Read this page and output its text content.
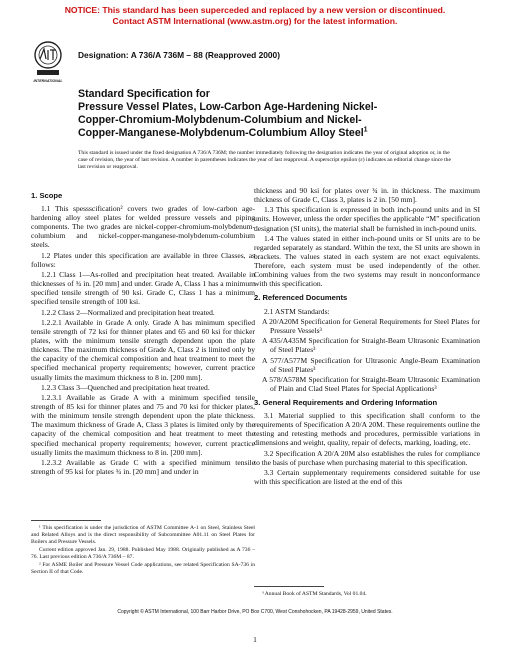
NOTICE: This standard has been superceded and replaced by a new version or discontinued.
Contact ASTM International (www.astm.org) for the latest information.
INTERNATIONAL
Designation: A 736/A 736M – 88 (Reapproved 2000)
Standard Specification for
Pressure Vessel Plates, Low-Carbon Age-Hardening Nickel-
Copper-Chromium-Molybdenum-Columbium and Nickel-
Copper-Manganese-Molybdenum-Columbium Alloy Steel$^1$
This standard is issued under the fixed designation A 736/A 736M; the number immediately following the designation indicates the year of original adoption or, in the case of revision, the year of last revision. A number in parentheses indicates the year of last reapproval. A superscript epsilon (ε) indicates an editorial change since the last revision or reapproval.

1. Scope

1.1 This spessscification² covers two grades of low-carbon age-hardening alloy steel plates for welded pressure vessels and piping components. The two grades are nickel-copper-chromium-molybdenum-columbium and nickel-copper-manganese-molybdenum-columbium steels.

1.2 Plates under this specification are available in three Classes, as follows:

1.2.1 Class 1—As-rolled and precipitation heat treated. Available in thicknesses of ¾ in. [20 mm] and under. Grade A, Class 1 has a minimum specified tensile strength of 90 ksi. Grade C, Class 1 has a minimum specified tensile strength of 100 ksi.

1.2.2 Class 2—Normalized and precipitation heat treated.

1.2.2.1 Available in Grade A only. Grade A has minimum specified tensile strength of 72 ksi for thinner plates and 65 and 60 ksi for thicker plates, with the minimum tensile strength dependent upon the plate thickness. The maximum thickness of Grade A, Class 2 is limited only by the capacity of the chemical composition and heat treatment to meet the specified mechanical property requirements; however, current practice usually limits the maximum thickness to 8 in. [200 mm].

1.2.3 Class 3—Quenched and precipitation heat treated.

1.2.3.1 Available as Grade A with a minimum specified tensile strength of 85 ksi for thinner plates and 75 and 70 ksi for thicker plates, with the minimum tensile strength dependent upon the plate thickness. The maximum thickness of Grade A, Class 3 plates is limited only by the capacity of the chemical composition and heat treatment to meet the specified mechanical property requirements; however, current practice usually limits the maximum thickness to 8 in. [200 mm].

1.2.3.2 Available as Grade C with a specified minimum tensile strength of 95 ksi for plates ¾ in. [20 mm] and under in

thickness and 90 ksi for plates over ¾ in. in thickness. The maximum thickness of Grade C, Class 3, plates is 2 in. [50 mm].

1.3 This specification is expressed in both inch-pound units and in SI units. However, unless the order specifies the applicable “M” specification designation (SI units), the material shall be furnished in inch-pound units.

1.4 The values stated in either inch-pound units or SI units are to be regarded separately as standard. Within the text, the SI units are shown in brackets. The values stated in each system are not exact equivalents. Therefore, each system must be used independently of the other. Combining values from the two systems may result in nonconformance with this specification.

2. Referenced Documents

2.1 ASTM Standards:

A 20/A20M Specification for General Requirements for Steel Plates for Pressure Vessels³

A 435/A435M Specification for Straight-Beam Ultrasonic Examination of Steel Plates³

A 577/A577M Specification for Ultrasonic Angle-Beam Examination of Steel Plates³

A 578/A578M Specification for Straight-Beam Ultrasonic Examination of Plain and Clad Steel Plates for Special Applications³

3. General Requirements and Ordering Information

3.1 Material supplied to this specification shall conform to the requirements of Specification A 20/A 20M. These requirements outline the testing and retesting methods and procedures, permissible variations in dimensions and weight, quality, repair of defects, marking, loading, etc.

3.2 Specification A 20/A 20M also establishes the rules for compliance to the basis of purchase when purchasing material to this specification.

3.3 Certain supplementary requirements considered suitable for use with this specification are listed at the end of this

¹ This specification is under the jurisdiction of ASTM Committee A-1 on Steel, Stainless Steel and Related Alloys and is the direct responsibility of Subcommittee A01.11 on Steel Plates for Boilers and Pressure Vessels.

Current edition approved Jan. 29, 1988. Published May 1988. Originally published as A 736 – 76. Last previous edition A 736/A 736M – 87.

² For ASME Boiler and Pressure Vessel Code applications, see related Specification SA-736 in Section II of that Code.

³ Annual Book of ASTM Standards, Vol 01.04.

Copyright © ASTM International, 100 Barr Harbor Drive, PO Box C700, West Conshohocken, PA 19428-2959, United States.
1
